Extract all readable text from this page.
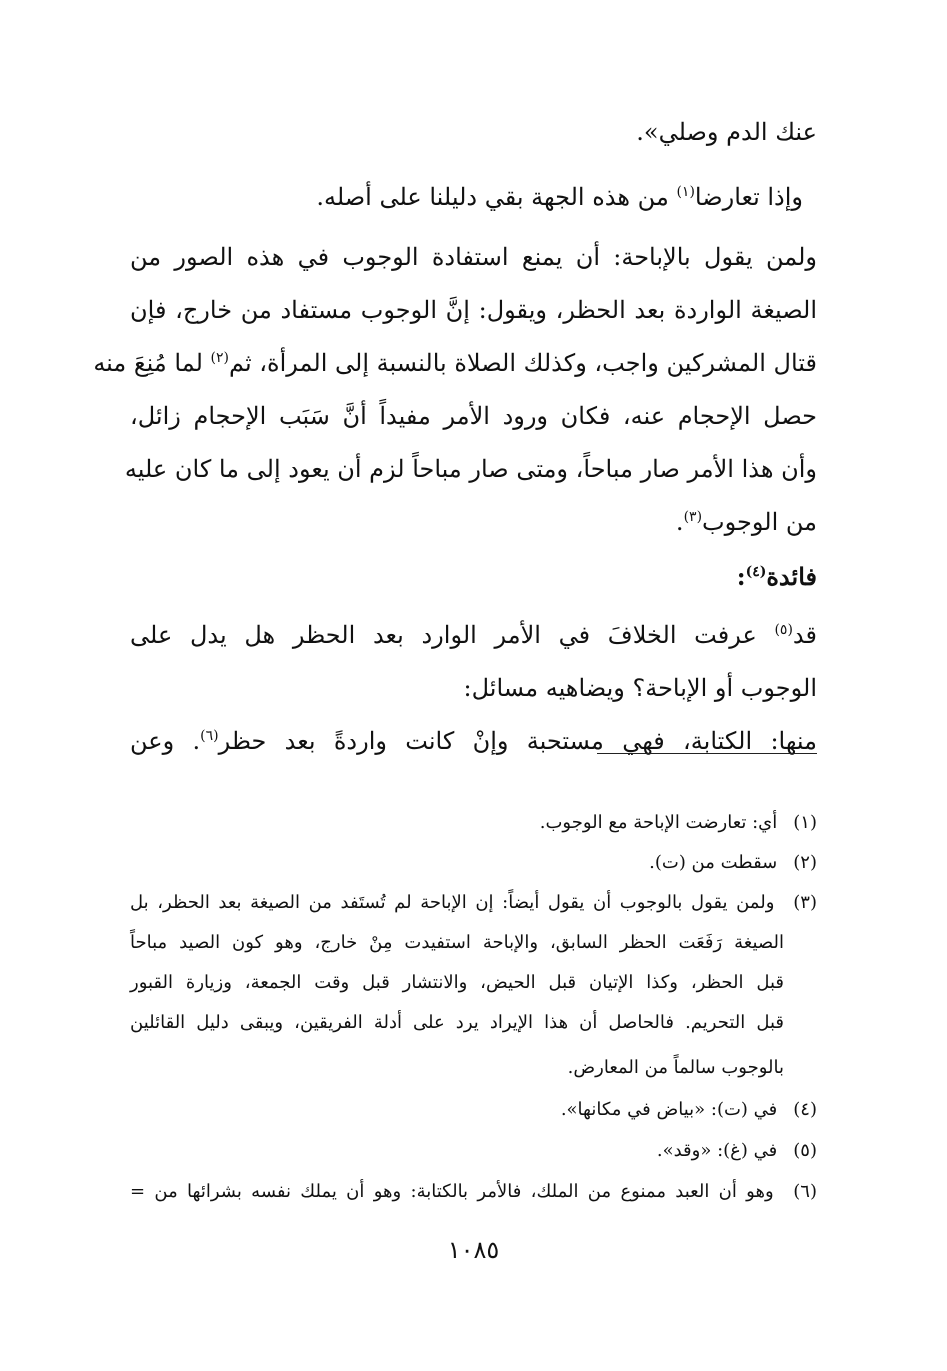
عنك الدم وصلي».
وإذا تعارضا$^{(١)}$ من هذه الجهة بقي دليلنا على أصله.
ولمن يقول بالإباحة: أن يمنع استفادة الوجوب في هذه الصور من
الصيغة الواردة بعد الحظر، ويقول: إنَّ الوجوب مستفاد من خارج، فإن
قتال المشركين واجب، وكذلك الصلاة بالنسبة إلى المرأة، ثم$^{(٢)}$ لما مُنِعَ منه
حصل الإحجام عنه، فكان ورود الأمر مفيداً أنَّ سَبَب الإحجام زائل،
وأن هذا الأمر صار مباحاً، ومتى صار مباحاً لزم أن يعود إلى ما كان عليه
من الوجوب$^{(٣)}$.
فائدة$^{(٤)}$:
قد$^{(٥)}$ عرفت الخلافَ في الأمر الوارد بعد الحظر هل يدل على
الوجوب أو الإباحة؟ ويضاهيه مسائل:
منها: الكتابة، فهي مستحبة وإنْ كانت واردةً بعد حظر$^{(٦)}$. وعن
(١) أي: تعارضت الإباحة مع الوجوب.
(٢) سقطت من (ت).
(٣) ولمن يقول بالوجوب أن يقول أيضاً: إن الإباحة لم تُستَفد من الصيغة بعد الحظر، بل
الصيغة رَفَعَت الحظر السابق، والإباحة استفيدت مِنْ خارج، وهو كون الصيد مباحاً
قبل الحظر، وكذا الإتيان قبل الحيض، والانتشار قبل وقت الجمعة، وزيارة القبور
قبل التحريم. فالحاصل أن هذا الإيراد يرد على أدلة الفريقين، ويبقى دليل القائلين
بالوجوب سالماً من المعارض.
(٤) في (ت): «بياض في مكانها».
(٥) في (غ): «وقد».
(٦) وهو أن العبد ممنوع من الملك، فالأمر بالكتابة: وهو أن يملك نفسه بشرائها من =
١٠٨٥
